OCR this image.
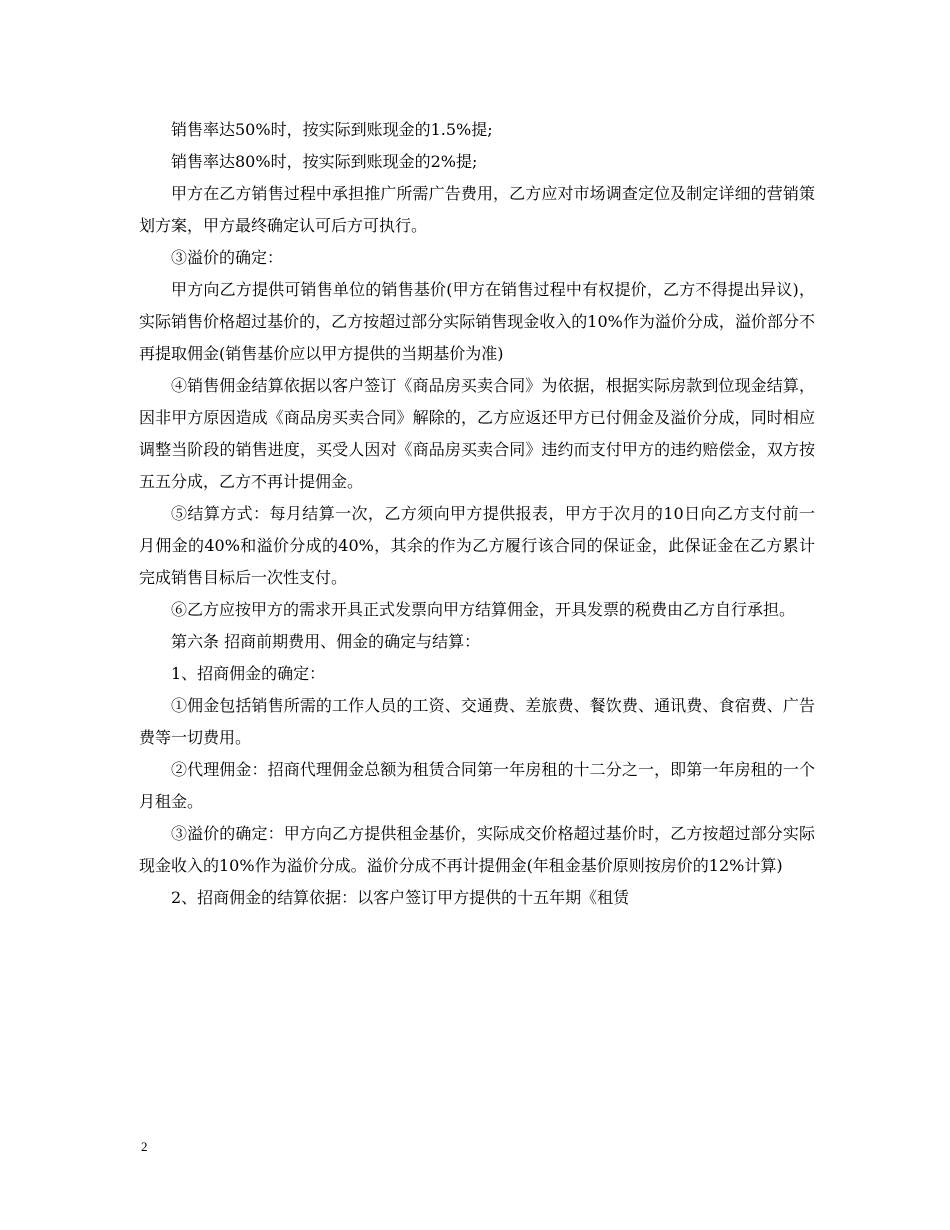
销售率达50%时，按实际到账现金的1.5%提;

销售率达80%时，按实际到账现金的2%提;

甲方在乙方销售过程中承担推广所需广告费用，乙方应对市场调查定位及制定详细的营销策划方案，甲方最终确定认可后方可执行。

③溢价的确定：

甲方向乙方提供可销售单位的销售基价(甲方在销售过程中有权提价，乙方不得提出异议)，实际销售价格超过基价的，乙方按超过部分实际销售现金收入的10%作为溢价分成，溢价部分不再提取佣金(销售基价应以甲方提供的当期基价为准)

④销售佣金结算依据以客户签订《商品房买卖合同》为依据，根据实际房款到位现金结算，因非甲方原因造成《商品房买卖合同》解除的，乙方应返还甲方已付佣金及溢价分成，同时相应调整当阶段的销售进度，买受人因对《商品房买卖合同》违约而支付甲方的违约赔偿金，双方按五五分成，乙方不再计提佣金。

⑤结算方式：每月结算一次，乙方须向甲方提供报表，甲方于次月的10日向乙方支付前一月佣金的40%和溢价分成的40%，其余的作为乙方履行该合同的保证金，此保证金在乙方累计完成销售目标后一次性支付。

⑥乙方应按甲方的需求开具正式发票向甲方结算佣金，开具发票的税费由乙方自行承担。

第六条 招商前期费用、佣金的确定与结算：

1、招商佣金的确定：

①佣金包括销售所需的工作人员的工资、交通费、差旅费、餐饮费、通讯费、食宿费、广告费等一切费用。

②代理佣金：招商代理佣金总额为租赁合同第一年房租的十二分之一，即第一年房租的一个月租金。

③溢价的确定：甲方向乙方提供租金基价，实际成交价格超过基价时，乙方按超过部分实际现金收入的10%作为溢价分成。溢价分成不再计提佣金(年租金基价原则按房价的12%计算)

2、招商佣金的结算依据：以客户签订甲方提供的十五年期《租赁

2
